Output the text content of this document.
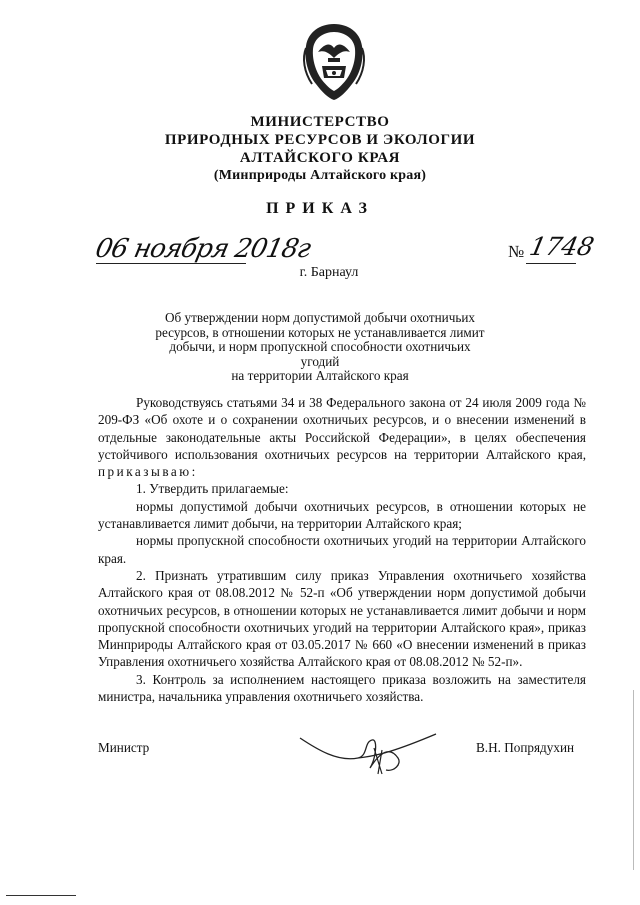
МИНИСТЕРСТВО
ПРИРОДНЫХ РЕСУРСОВ И ЭКОЛОГИИ
АЛТАЙСКОГО КРАЯ
(Минприроды Алтайского края)
ПРИКАЗ
06 ноября 2018г	№ 1748
г. Барнаул
Об утверждении норм допустимой добычи охотничьих
ресурсов, в отношении которых не устанавливается лимит
добычи, и норм пропускной способности охотничьих угодий
на территории Алтайского края

Руководствуясь статьями 34 и 38 Федерального закона от 24 июля 2009 года № 209-ФЗ «Об охоте и о сохранении охотничьих ресурсов, и о внесении изменений в отдельные законодательные акты Российской Федерации», в целях обеспечения устойчивого использования охотничьих ресурсов на территории Алтайского края, приказываю:

1. Утвердить прилагаемые:

нормы допустимой добычи охотничьих ресурсов, в отношении которых не устанавливается лимит добычи, на территории Алтайского края;

нормы пропускной способности охотничьих угодий на территории Алтайского края.

2. Признать утратившим силу приказ Управления охотничьего хозяйства Алтайского края от 08.08.2012 № 52-п «Об утверждении норм допустимой добычи охотничьих ресурсов, в отношении которых не устанавливается лимит добычи и норм пропускной способности охотничьих угодий на территории Алтайского края», приказ Минприроды Алтайского края от 03.05.2017 № 660 «О внесении изменений в приказ Управления охотничьего хозяйства Алтайского края от 08.08.2012 № 52-п».

3. Контроль за исполнением настоящего приказа возложить на заместителя министра, начальника управления охотничьего хозяйства.

Министр	В.Н. Попрядухин
